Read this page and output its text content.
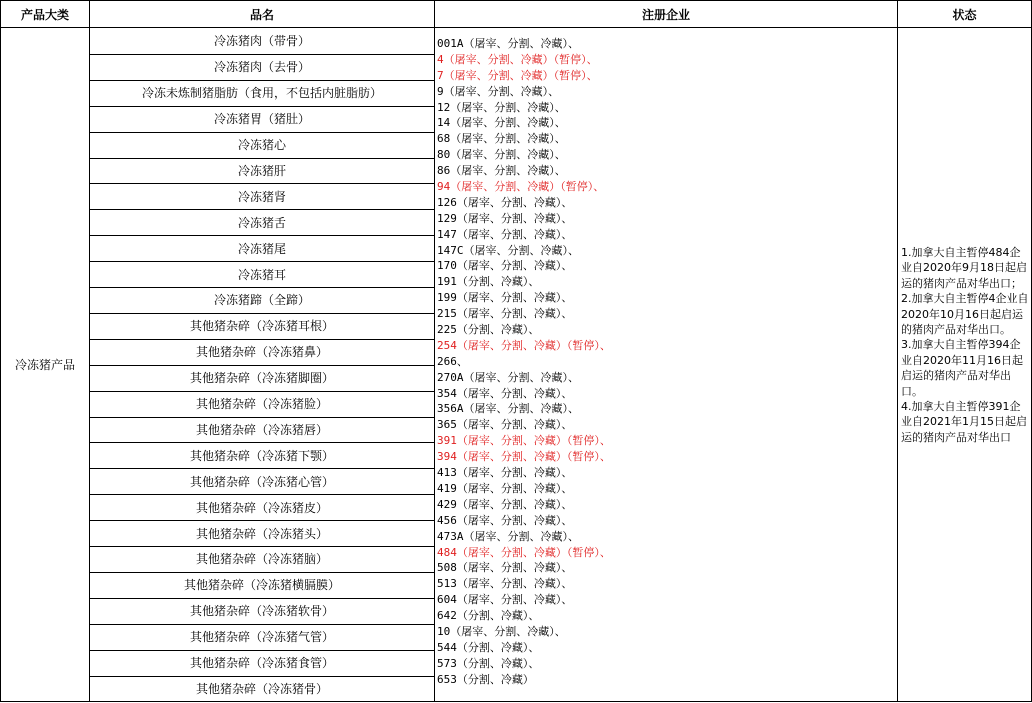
产品大类	品名	注册企业	状态
冷冻猪产品
冷冻猪肉（带骨）
冷冻猪肉（去骨）
冷冻未炼制猪脂肪（食用，不包括内脏脂肪）
冷冻猪胃（猪肚）
冷冻猪心
冷冻猪肝
冷冻猪肾
冷冻猪舌
冷冻猪尾
冷冻猪耳
冷冻猪蹄（全蹄）
其他猪杂碎（冷冻猪耳根）
其他猪杂碎（冷冻猪鼻）
其他猪杂碎（冷冻猪脚圈）
其他猪杂碎（冷冻猪脸）
其他猪杂碎（冷冻猪唇）
其他猪杂碎（冷冻猪下颚）
其他猪杂碎（冷冻猪心管）
其他猪杂碎（冷冻猪皮）
其他猪杂碎（冷冻猪头）
其他猪杂碎（冷冻猪脑）
其他猪杂碎（冷冻猪横膈膜）
其他猪杂碎（冷冻猪软骨）
其他猪杂碎（冷冻猪气管）
其他猪杂碎（冷冻猪食管）
其他猪杂碎（冷冻猪骨）
001A（屠宰、分割、冷藏）、
4（屠宰、分割、冷藏）（暂停）、
7（屠宰、分割、冷藏）（暂停）、
9（屠宰、分割、冷藏）、
12（屠宰、分割、冷藏）、
14（屠宰、分割、冷藏）、
68（屠宰、分割、冷藏）、
80（屠宰、分割、冷藏）、
86（屠宰、分割、冷藏）、
94（屠宰、分割、冷藏）（暂停）、
126（屠宰、分割、冷藏）、
129（屠宰、分割、冷藏）、
147（屠宰、分割、冷藏）、
147C（屠宰、分割、冷藏）、
170（屠宰、分割、冷藏）、
191（分割、冷藏）、
199（屠宰、分割、冷藏）、
215（屠宰、分割、冷藏）、
225（分割、冷藏）、
254（屠宰、分割、冷藏）（暂停）、
266、
270A（屠宰、分割、冷藏）、
354（屠宰、分割、冷藏）、
356A（屠宰、分割、冷藏）、
365（屠宰、分割、冷藏）、
391（屠宰、分割、冷藏）（暂停）、
394（屠宰、分割、冷藏）（暂停）、
413（屠宰、分割、冷藏）、
419（屠宰、分割、冷藏）、
429（屠宰、分割、冷藏）、
456（屠宰、分割、冷藏）、
473A（屠宰、分割、冷藏）、
484（屠宰、分割、冷藏）（暂停）、
508（屠宰、分割、冷藏）、
513（屠宰、分割、冷藏）、
604（屠宰、分割、冷藏）、
642（分割、冷藏）、
10（屠宰、分割、冷藏）、
544（分割、冷藏）、
573（分割、冷藏）、
653（分割、冷藏）
1.加拿大自主暂停484企业自2020年9月18日起启运的猪肉产品对华出口；
2.加拿大自主暂停4企业自2020年10月16日起启运的猪肉产品对华出口。
3.加拿大自主暂停394企业自2020年11月16日起启运的猪肉产品对华出口。
4.加拿大自主暂停391企业自2021年1月15日起启运的猪肉产品对华出口
